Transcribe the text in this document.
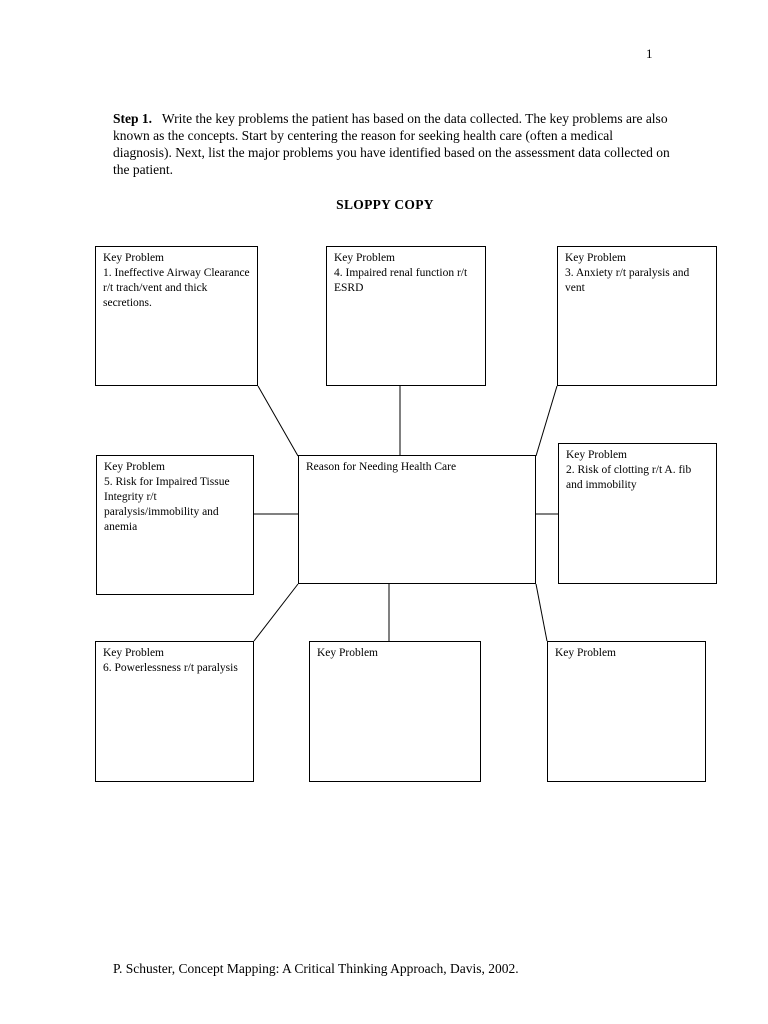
1
Step 1. Write the key problems the patient has based on the data collected. The key problems are also known as the concepts. Start by centering the reason for seeking health care (often a medical diagnosis). Next, list the major problems you have identified based on the assessment data collected on the patient.
SLOPPY COPY
Key Problem
1. Ineffective Airway Clearance r/t trach/vent and thick secretions.
Key Problem
4. Impaired renal function r/t ESRD
Key Problem
3. Anxiety r/t paralysis and vent
Key Problem
5. Risk for Impaired Tissue Integrity r/t paralysis/immobility and anemia
Reason for Needing Health Care
Key Problem
2. Risk of clotting r/t A. fib and immobility
Key Problem
6. Powerlessness r/t paralysis
Key Problem	Key Problem
P. Schuster, Concept Mapping: A Critical Thinking Approach, Davis, 2002.
